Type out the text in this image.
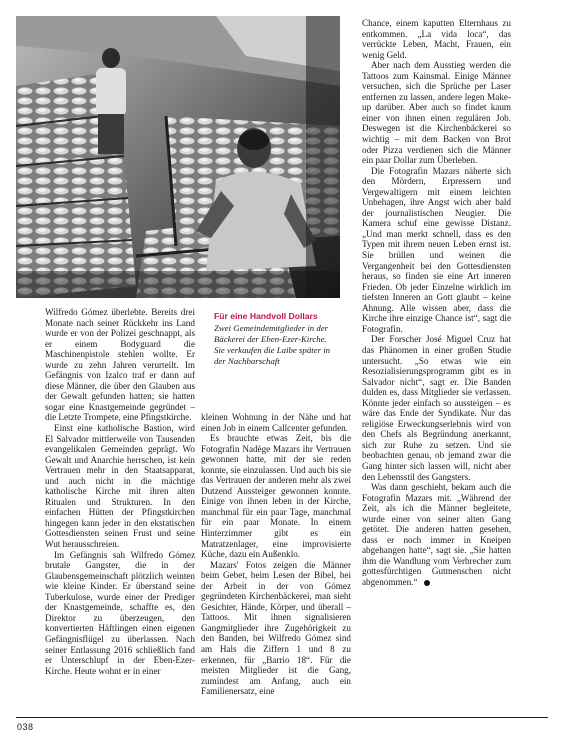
Für eine Handvoll Dollars

Zwei Gemeindemitglieder in der Bäckerei der Eben-Ezer-Kirche. Sie verkaufen die Laibe später in der Nachbarschaft

Wilfredo Gómez überlebte. Bereits drei Monate nach seiner Rückkehr ins Land wurde er von der Polizei geschnappt, als er einem Bodyguard die Maschinenpistole stehlen wollte. Er wurde zu zehn Jahren verurteilt. Im Gefängnis von Izalco traf er dann auf diese Männer, die über den Glauben aus der Gewalt gefunden hatten; sie hatten sogar eine Knastgemeinde gegründet – die Letzte Trompete, eine Pfingstkirche.

Einst eine katholische Bastion, wird El Salvador mittlerweile von Tausenden evangelikalen Gemeinden geprägt. Wo Gewalt und Anarchie herrschen, ist kein Vertrauen mehr in den Staatsapparat, und auch nicht in die mächtige katholische Kirche mit ihren alten Ritualen und Strukturen. In den einfachen Hütten der Pfingstkirchen hingegen kann jeder in den ekstatischen Gottesdiensten seinen Frust und seine Wut herausschreien.

Im Gefängnis sah Wilfredo Gómez brutale Gangster, die in der Glaubensgemeinschaft plötzlich weinten wie kleine Kinder. Er überstand seine Tuberkulose, wurde einer der Prediger der Knastgemeinde, schaffte es, den Direktor zu überzeugen, den konvertierten Häftlingen einen eigenen Gefängnisflügel zu überlassen. Nach seiner Entlassung 2016 schließlich fand er Unterschlupf in der Eben-Ezer-Kirche. Heute wohnt er in einer

kleinen Wohnung in der Nähe und hat einen Job in einem Callcenter gefunden.

Es brauchte etwas Zeit, bis die Fotografin Nadège Mazars ihr Vertrauen gewonnen hatte, mit der sie reden konnte, sie einzulassen. Und auch bis sie das Vertrauen der anderen mehr als zwei Dutzend Aussteiger gewonnen konnte. Einige von ihnen leben in der Kirche, manchmal für ein paar Tage, manchmal für ein paar Monate. In einem Hinterzimmer gibt es ein Matratzenlager, eine improvisierte Küche, dazu ein Außenklo.

Mazars' Fotos zeigen die Männer beim Gebet, beim Lesen der Bibel, bei der Arbeit in der von Gómez gegründeten Kirchenbäckerei, man sieht Gesichter, Hände, Körper, und überall – Tattoos. Mit ihnen signalisieren Gangmitglieder ihre Zugehörigkeit zu den Banden, bei Wilfredo Gómez sind am Hals die Ziffern 1 und 8 zu erkennen, für „Barrio 18“. Für die meisten Mitglieder ist die Gang, zumindest am Anfang, auch ein Familienersatz, eine

Chance, einem kaputten Elternhaus zu entkommen. „La vida loca“, das verrückte Leben, Macht, Frauen, ein wenig Geld.

Aber nach dem Ausstieg werden die Tattoos zum Kainsmal. Einige Männer versuchen, sich die Sprüche per Laser entfernen zu lassen, andere legen Make-up darüber. Aber auch so findet kaum einer von ihnen einen regulären Job. Deswegen ist die Kirchenbäckerei so wichtig – mit dem Backen von Brot oder Pizza verdienen sich die Männer ein paar Dollar zum Überleben.

Die Fotografin Mazars näherte sich den Mördern, Erpressern und Vergewaltigern mit einem leichten Unbehagen, ihre Angst wich aber bald der journalistischen Neugier. Die Kamera schuf eine gewisse Distanz. „Und man merkt schnell, dass es den Typen mit ihrem neuen Leben ernst ist. Sie brüllen und weinen die Vergangenheit bei den Gottesdiensten heraus, so finden sie eine Art inneren Frieden. Ob jeder Einzelne wirklich im tiefsten Inneren an Gott glaubt – keine Ahnung. Alle wissen aber, dass die Kirche ihre einzige Chance ist“, sagt die Fotografin.

Der Forscher José Miguel Cruz hat das Phänomen in einer großen Studie untersucht. „So etwas wie ein Resozialisierungsprogramm gibt es in Salvador nicht“, sagt er. Die Banden dulden es, dass Mitglieder sie verlassen. Könnte jeder einfach so aussteigen – es wäre das Ende der Syndikate. Nur das religiöse Erweckungserlebnis wird von den Chefs als Begründung anerkannt, sich zur Ruhe zu setzen. Und sie beobachten genau, ob jemand zwar die Gang hinter sich lassen will, nicht aber den Lebensstil des Gangsters.

Was dann geschieht, bekam auch die Fotografin Mazars mit. „Während der Zeit, als ich die Männer begleitete, wurde einer von seiner alten Gang getötet. Die anderen hatten gesehen, dass er noch immer in Kneipen abgehangen hatte“, sagt sie. „Sie hatten ihm die Wandlung vom Verbrecher zum gottesfürchtigen Gutmenschen nicht abgenommen.“

038
